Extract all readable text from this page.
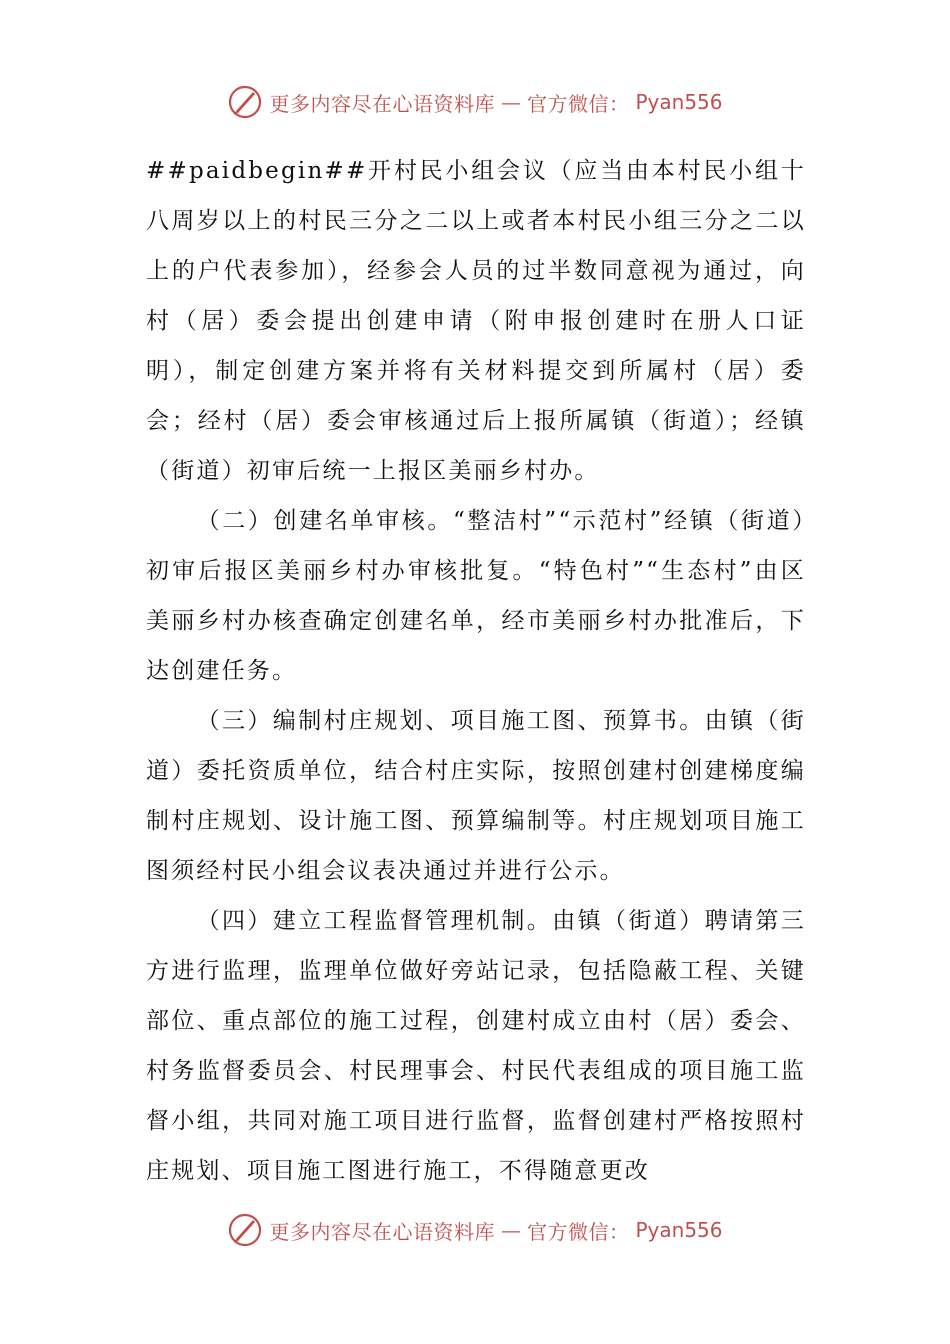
更多内容尽在心语资料库 — 官方微信： Pyan556

##paidbegin##开村民小组会议（应当由本村民小组十八周岁以上的村民三分之二以上或者本村民小组三分之二以上的户代表参加），经参会人员的过半数同意视为通过，向村（居）委会提出创建申请（附申报创建时在册人口证明），制定创建方案并将有关材料提交到所属村（居）委会；经村（居）委会审核通过后上报所属镇（街道）；经镇（街道）初审后统一上报区美丽乡村办。

（二）创建名单审核。“整洁村”“示范村”经镇（街道）初审后报区美丽乡村办审核批复。“特色村”“生态村”由区美丽乡村办核查确定创建名单，经市美丽乡村办批准后，下达创建任务。

（三）编制村庄规划、项目施工图、预算书。由镇（街道）委托资质单位，结合村庄实际，按照创建村创建梯度编制村庄规划、设计施工图、预算编制等。村庄规划项目施工图须经村民小组会议表决通过并进行公示。

（四）建立工程监督管理机制。由镇（街道）聘请第三方进行监理，监理单位做好旁站记录，包括隐蔽工程、关键部位、重点部位的施工过程，创建村成立由村（居）委会、村务监督委员会、村民理事会、村民代表组成的项目施工监督小组，共同对施工项目进行监督，监督创建村严格按照村庄规划、项目施工图进行施工，不得随意更改

更多内容尽在心语资料库 — 官方微信： Pyan556
